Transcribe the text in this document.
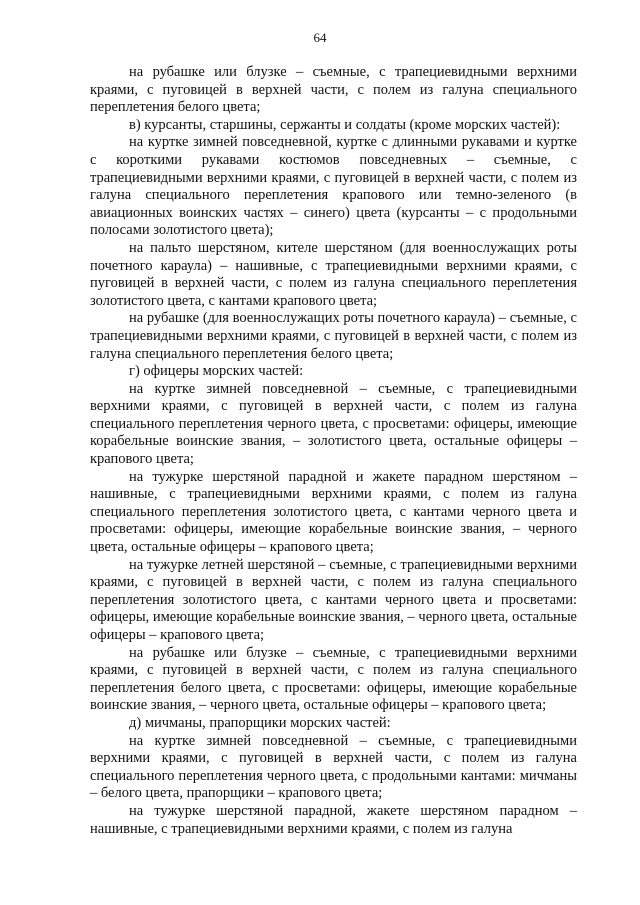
64

на рубашке или блузке – съемные, с трапециевидными верхними краями, с пуговицей в верхней части, с полем из галуна специального переплетения белого цвета;

в) курсанты, старшины, сержанты и солдаты (кроме морских частей):

на куртке зимней повседневной, куртке с длинными рукавами и куртке с короткими рукавами костюмов повседневных – съемные, с трапециевидными верхними краями, с пуговицей в верхней части, с полем из галуна специального переплетения крапового или темно-зеленого (в авиационных воинских частях – синего) цвета (курсанты – с продольными полосами золотистого цвета);

на пальто шерстяном, кителе шерстяном (для военнослужащих роты почетного караула) – нашивные, с трапециевидными верхними краями, с пуговицей в верхней части, с полем из галуна специального переплетения золотистого цвета, с кантами крапового цвета;

на рубашке (для военнослужащих роты почетного караула) – съемные, с трапециевидными верхними краями, с пуговицей в верхней части, с полем из галуна специального переплетения белого цвета;

г) офицеры морских частей:

на куртке зимней повседневной – съемные, с трапециевидными верхними краями, с пуговицей в верхней части, с полем из галуна специального переплетения черного цвета, с просветами: офицеры, имеющие корабельные воинские звания, – золотистого цвета, остальные офицеры – крапового цвета;

на тужурке шерстяной парадной и жакете парадном шерстяном – нашивные, с трапециевидными верхними краями, с полем из галуна специального переплетения золотистого цвета, с кантами черного цвета и просветами: офицеры, имеющие корабельные воинские звания, – черного цвета, остальные офицеры – крапового цвета;

на тужурке летней шерстяной – съемные, с трапециевидными верхними краями, с пуговицей в верхней части, с полем из галуна специального переплетения золотистого цвета, с кантами черного цвета и просветами: офицеры, имеющие корабельные воинские звания, – черного цвета, остальные офицеры – крапового цвета;

на рубашке или блузке – съемные, с трапециевидными верхними краями, с пуговицей в верхней части, с полем из галуна специального переплетения белого цвета, с просветами: офицеры, имеющие корабельные воинские звания, – черного цвета, остальные офицеры – крапового цвета;

д) мичманы, прапорщики морских частей:

на куртке зимней повседневной – съемные, с трапециевидными верхними краями, с пуговицей в верхней части, с полем из галуна специального переплетения черного цвета, с продольными кантами: мичманы – белого цвета, прапорщики – крапового цвета;

на тужурке шерстяной парадной, жакете шерстяном парадном – нашивные, с трапециевидными верхними краями, с полем из галуна
